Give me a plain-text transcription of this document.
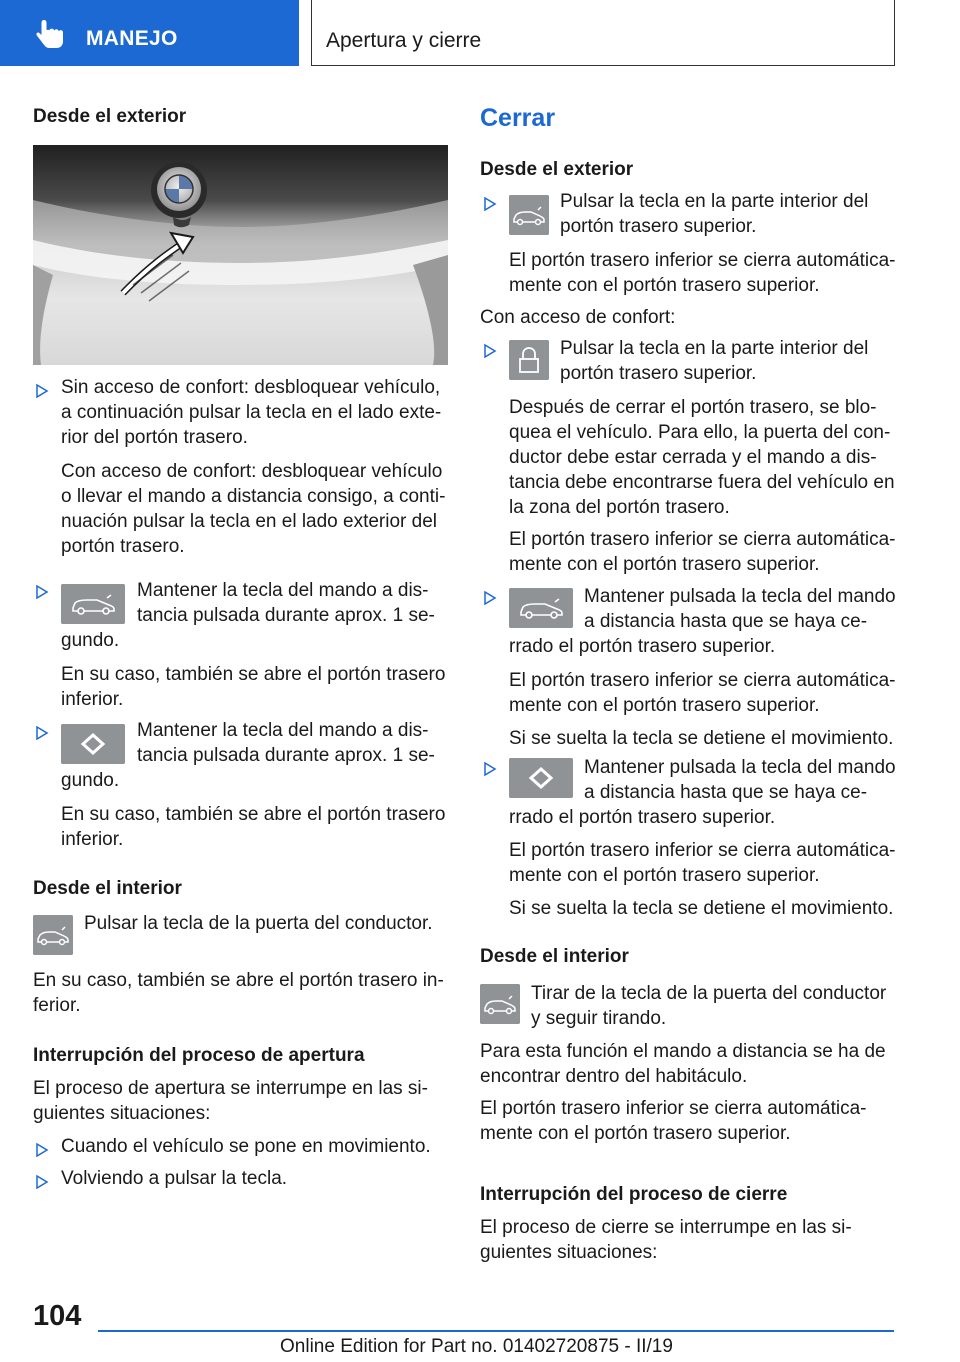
MANEJO	Apertura y cierre
Desde el exterior
Sin acceso de confort: desbloquear vehículo,
a continuación pulsar la tecla en el lado exte-
rior del portón trasero.
Con acceso de confort: desbloquear vehículo
o llevar el mando a distancia consigo, a conti-
nuación pulsar la tecla en el lado exterior del
portón trasero.
Mantener la tecla del mando a dis-
tancia pulsada durante aprox. 1 se-
gundo.
En su caso, también se abre el portón trasero
inferior.
Mantener la tecla del mando a dis-
tancia pulsada durante aprox. 1 se-
gundo.
En su caso, también se abre el portón trasero
inferior.
Desde el interior
Pulsar la tecla de la puerta del conductor.
En su caso, también se abre el portón trasero in-
ferior.
Interrupción del proceso de apertura
El proceso de apertura se interrumpe en las si-
guientes situaciones:
Cuando el vehículo se pone en movimiento.
Volviendo a pulsar la tecla.
Cerrar
Desde el exterior
Pulsar la tecla en la parte interior del
portón trasero superior.
El portón trasero inferior se cierra automática-
mente con el portón trasero superior.
Con acceso de confort:
Pulsar la tecla en la parte interior del
portón trasero superior.
Después de cerrar el portón trasero, se blo-
quea el vehículo. Para ello, la puerta del con-
ductor debe estar cerrada y el mando a dis-
tancia debe encontrarse fuera del vehículo en
la zona del portón trasero.
El portón trasero inferior se cierra automática-
mente con el portón trasero superior.
Mantener pulsada la tecla del mando
a distancia hasta que se haya ce-
rrado el portón trasero superior.
El portón trasero inferior se cierra automática-
mente con el portón trasero superior.
Si se suelta la tecla se detiene el movimiento.
Mantener pulsada la tecla del mando
a distancia hasta que se haya ce-
rrado el portón trasero superior.
El portón trasero inferior se cierra automática-
mente con el portón trasero superior.
Si se suelta la tecla se detiene el movimiento.
Desde el interior
Tirar de la tecla de la puerta del conductor
y seguir tirando.
Para esta función el mando a distancia se ha de
encontrar dentro del habitáculo.
El portón trasero inferior se cierra automática-
mente con el portón trasero superior.
Interrupción del proceso de cierre
El proceso de cierre se interrumpe en las si-
guientes situaciones:
104
Online Edition for Part no. 01402720875 - II/19
